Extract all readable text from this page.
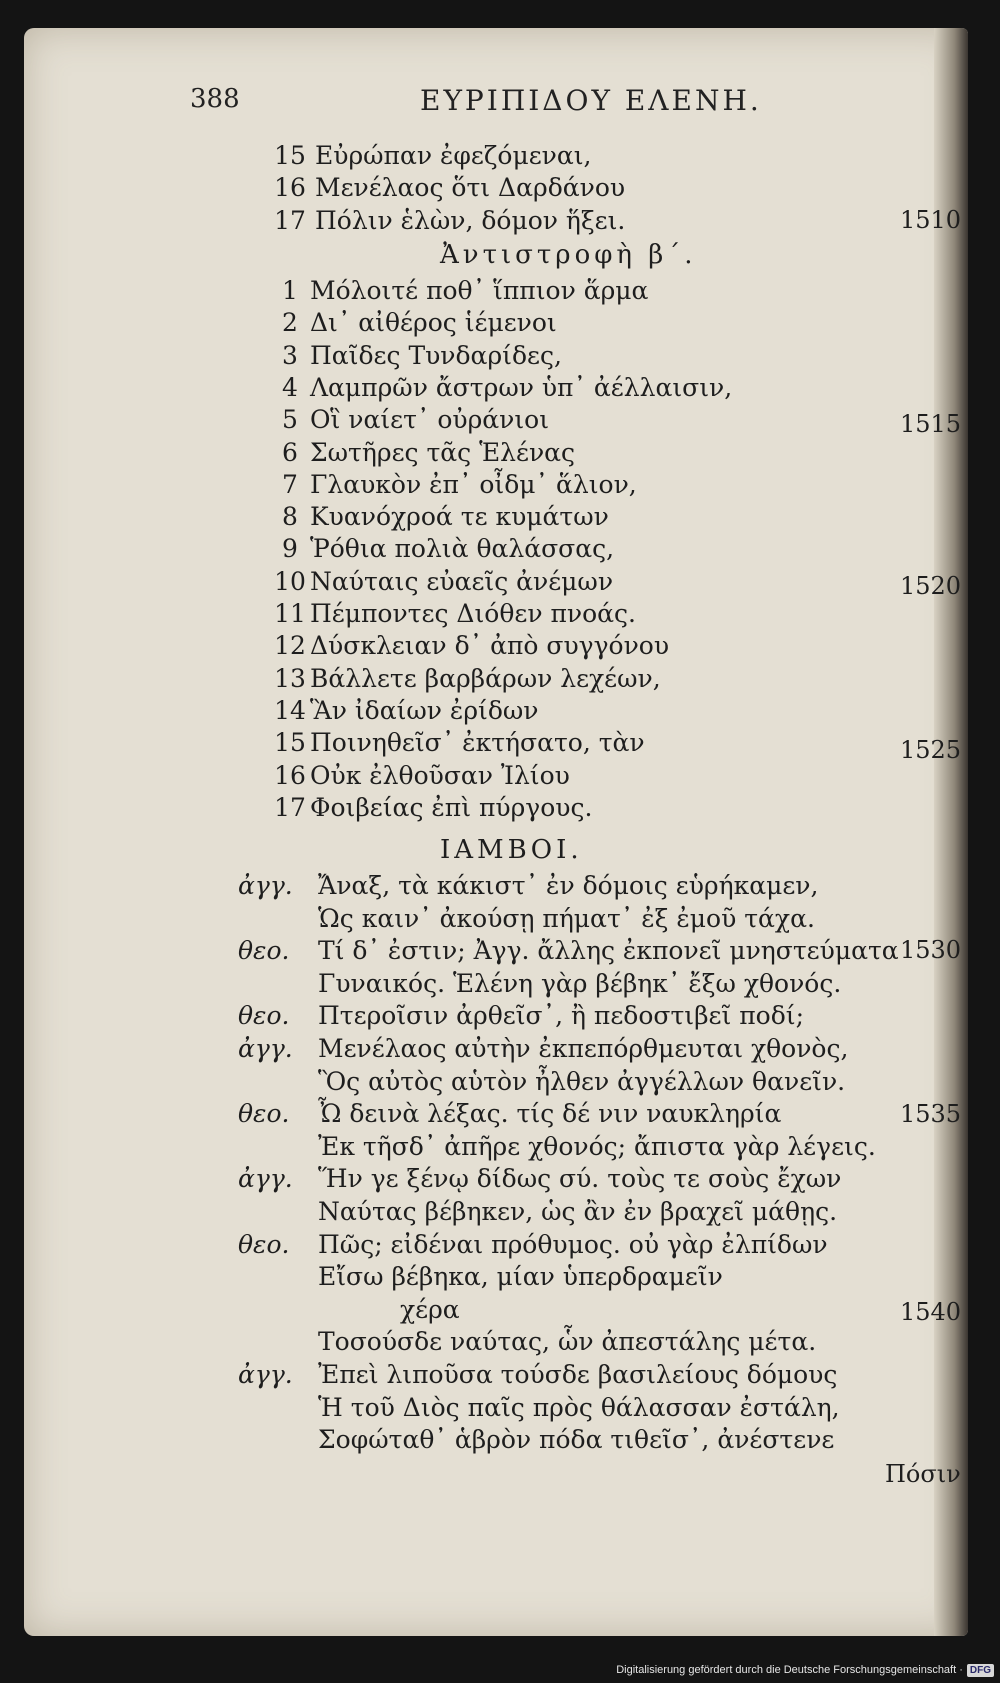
388	ΕΥΡΙΠΙΔΟΥ ΕΛΕΝΗ.
15 Εὐρώπαν ἐφεζόμεναι,
16 Μενέλαος ὅτι Δαρδάνου
17 Πόλιν ἑλὼν, δόμον ἥξει.
Ἀντιστροφὴ β΄.
1 Μόλοιτέ ποθ᾽ ἵππιον ἅρμα
2 Δι᾽ αἰθέρος ἱέμενοι
3 Παῖδες Τυνδαρίδες,
4 Λαμπρῶν ἄστρων ὑπ᾽ ἀέλλαισιν,
5 Οἳ ναίετ᾽ οὐράνιοι
6 Σωτῆρες τᾶς Ἑλένας
7 Γλαυκὸν ἐπ᾽ οἶδμ᾽ ἅλιον,
8 Κυανόχροά τε κυμάτων
9 Ῥόθια πολιὰ θαλάσσας,
10 Ναύταις εὐαεῖς ἀνέμων
11 Πέμποντες Διόθεν πνοάς.
12 Δύσκλειαν δ᾽ ἀπὸ συγγόνου
13 Βάλλετε βαρβάρων λεχέων,
14 Ἃν ἰδαίων ἐρίδων
15 Ποινηθεῖσ᾽ ἐκτήσατο, τὰν
16 Οὐκ ἐλθοῦσαν Ἰλίου
17 Φοιβείας ἐπὶ πύργους.
ΙΑΜΒΟΙ.
ἀγγ. Ἄναξ, τὰ κάκιστ᾽ ἐν δόμοις εὑρήκαμεν,
Ὡς καιν᾽ ἀκούσῃ πήματ᾽ ἐξ ἐμοῦ τάχα.
θεο. Τί δ᾽ ἐστιν; Ἀγγ. ἄλλης ἐκπονεῖ μνηστεύματα
Γυναικός. Ἑλένη γὰρ βέβηκ᾽ ἔξω χθονός.
θεο. Πτεροῖσιν ἀρθεῖσ᾽, ἢ πεδοστιβεῖ ποδί;
ἀγγ. Μενέλαος αὐτὴν ἐκπεπόρθμευται χθονὸς,
Ὃς αὐτὸς αὑτὸν ἦλθεν ἀγγέλλων θανεῖν.
θεο. Ὦ δεινὰ λέξας. τίς δέ νιν ναυκληρία
Ἐκ τῆσδ᾽ ἀπῆρε χθονός; ἄπιστα γὰρ λέγεις.
ἀγγ. Ἥν γε ξένῳ δίδως σύ. τοὺς τε σοὺς ἔχων
Ναύτας βέβηκεν, ὡς ἂν ἐν βραχεῖ μάθῃς.
θεο. Πῶς; εἰδέναι πρόθυμος. οὐ γὰρ ἐλπίδων
Εἴσω βέβηκα, μίαν ὑπερδραμεῖν
χέρα
Τοσούσδε ναύτας, ὧν ἀπεστάλης μέτα.
ἀγγ. Ἐπεὶ λιποῦσα τούσδε βασιλείους δόμους
Ἡ τοῦ Διὸς παῖς πρὸς θάλασσαν ἐστάλη,
Σοφώταθ᾽ ἁβρὸν πόδα τιθεῖσ᾽, ἀνέστενε
1510
1515
1520
1525
1530
1535
1540
Πόσιν
Digitalisierung gefördert durch die Deutsche Forschungsgemeinschaft · DFG
